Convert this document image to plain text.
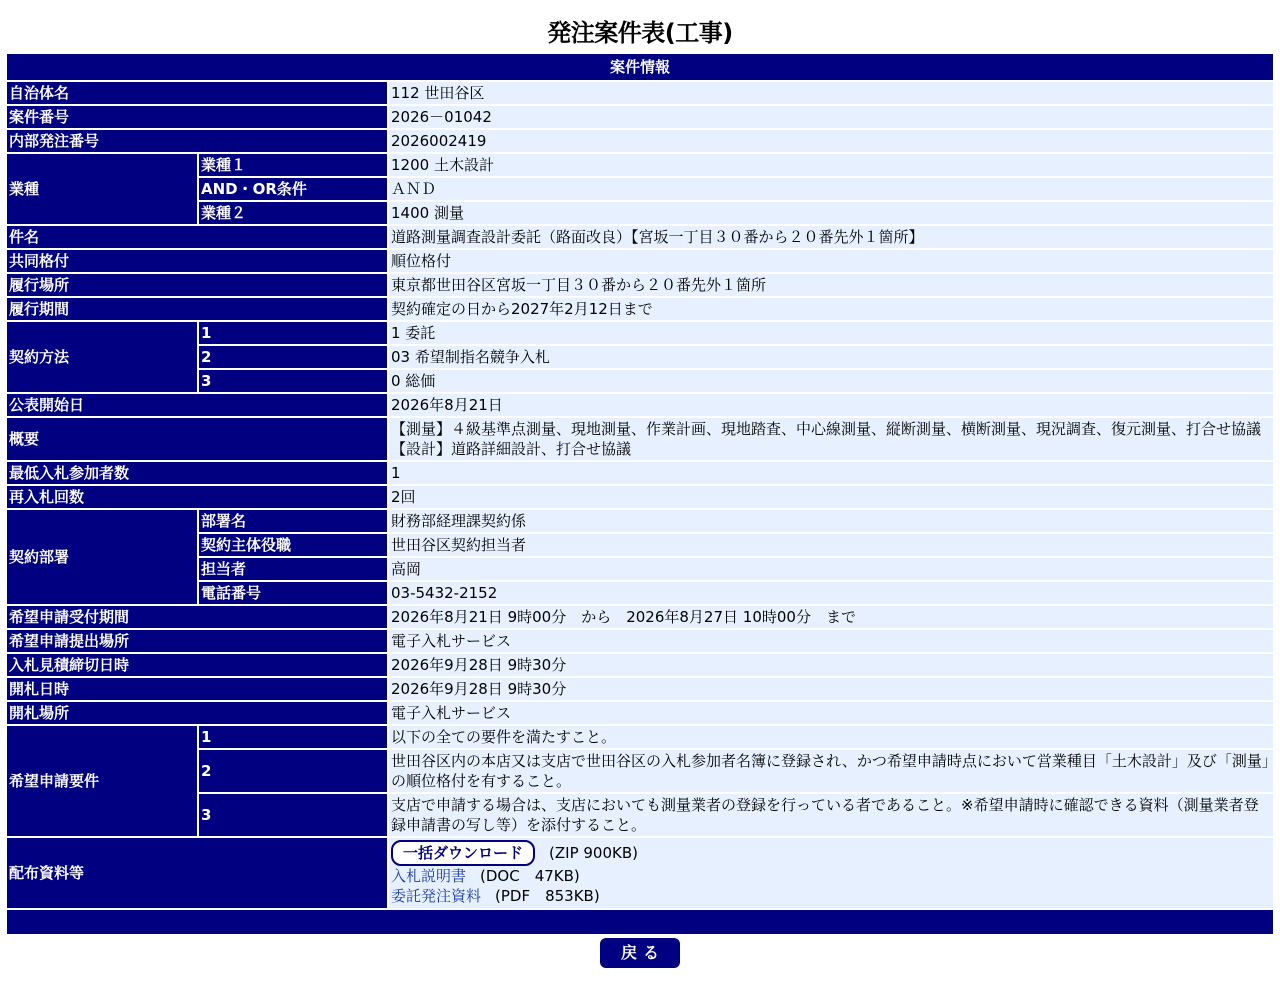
発注案件表(工事)
案件情報		
自治体名		112 世田谷区
案件番号		2026－01042
内部発注番号		2026002419
業種	業種１	1200 土木設計
	AND・OR条件	ＡＮＤ
	業種２	1400 測量
件名		道路測量調査設計委託（路面改良）【宮坂一丁目３０番から２０番先外１箇所】
共同格付		順位格付
履行場所		東京都世田谷区宮坂一丁目３０番から２０番先外１箇所
履行期間		契約確定の日から2027年2月12日まで
契約方法	1	1 委託
	2	03 希望制指名競争入札
	3	0 総価
公表開始日		2026年8月21日
概要		【測量】４級基準点測量、現地測量、作業計画、現地踏査、中心線測量、縦断測量、横断測量、現況調査、復元測量、打合せ協議【設計】道路詳細設計、打合せ協議
最低入札参加者数		1
再入札回数		2回
契約部署	部署名	財務部経理課契約係
	契約主体役職	世田谷区契約担当者
	担当者	高岡
	電話番号	03-5432-2152
希望申請受付期間		2026年8月21日 9時00分　から　2026年8月27日 10時00分　まで
希望申請提出場所		電子入札サービス
入札見積締切日時		2026年9月28日 9時30分
開札日時		2026年9月28日 9時30分
開札場所		電子入札サービス
希望申請要件	1	以下の全ての要件を満たすこと。
	2	世田谷区内の本店又は支店で世田谷区の入札参加者名簿に登録され、かつ希望申請時点において営業種目「土木設計」及び「測量」の順位格付を有すること。
	3	支店で申請する場合は、支店においても測量業者の登録を行っている者であること。※希望申請時に確認できる資料（測量業者登録申請書の写し等）を添付すること。
配布資料等		一括ダウンロード (ZIP 900KB)
入札説明書 (DOC　47KB)
委託発注資料 (PDF　853KB)

戻る
